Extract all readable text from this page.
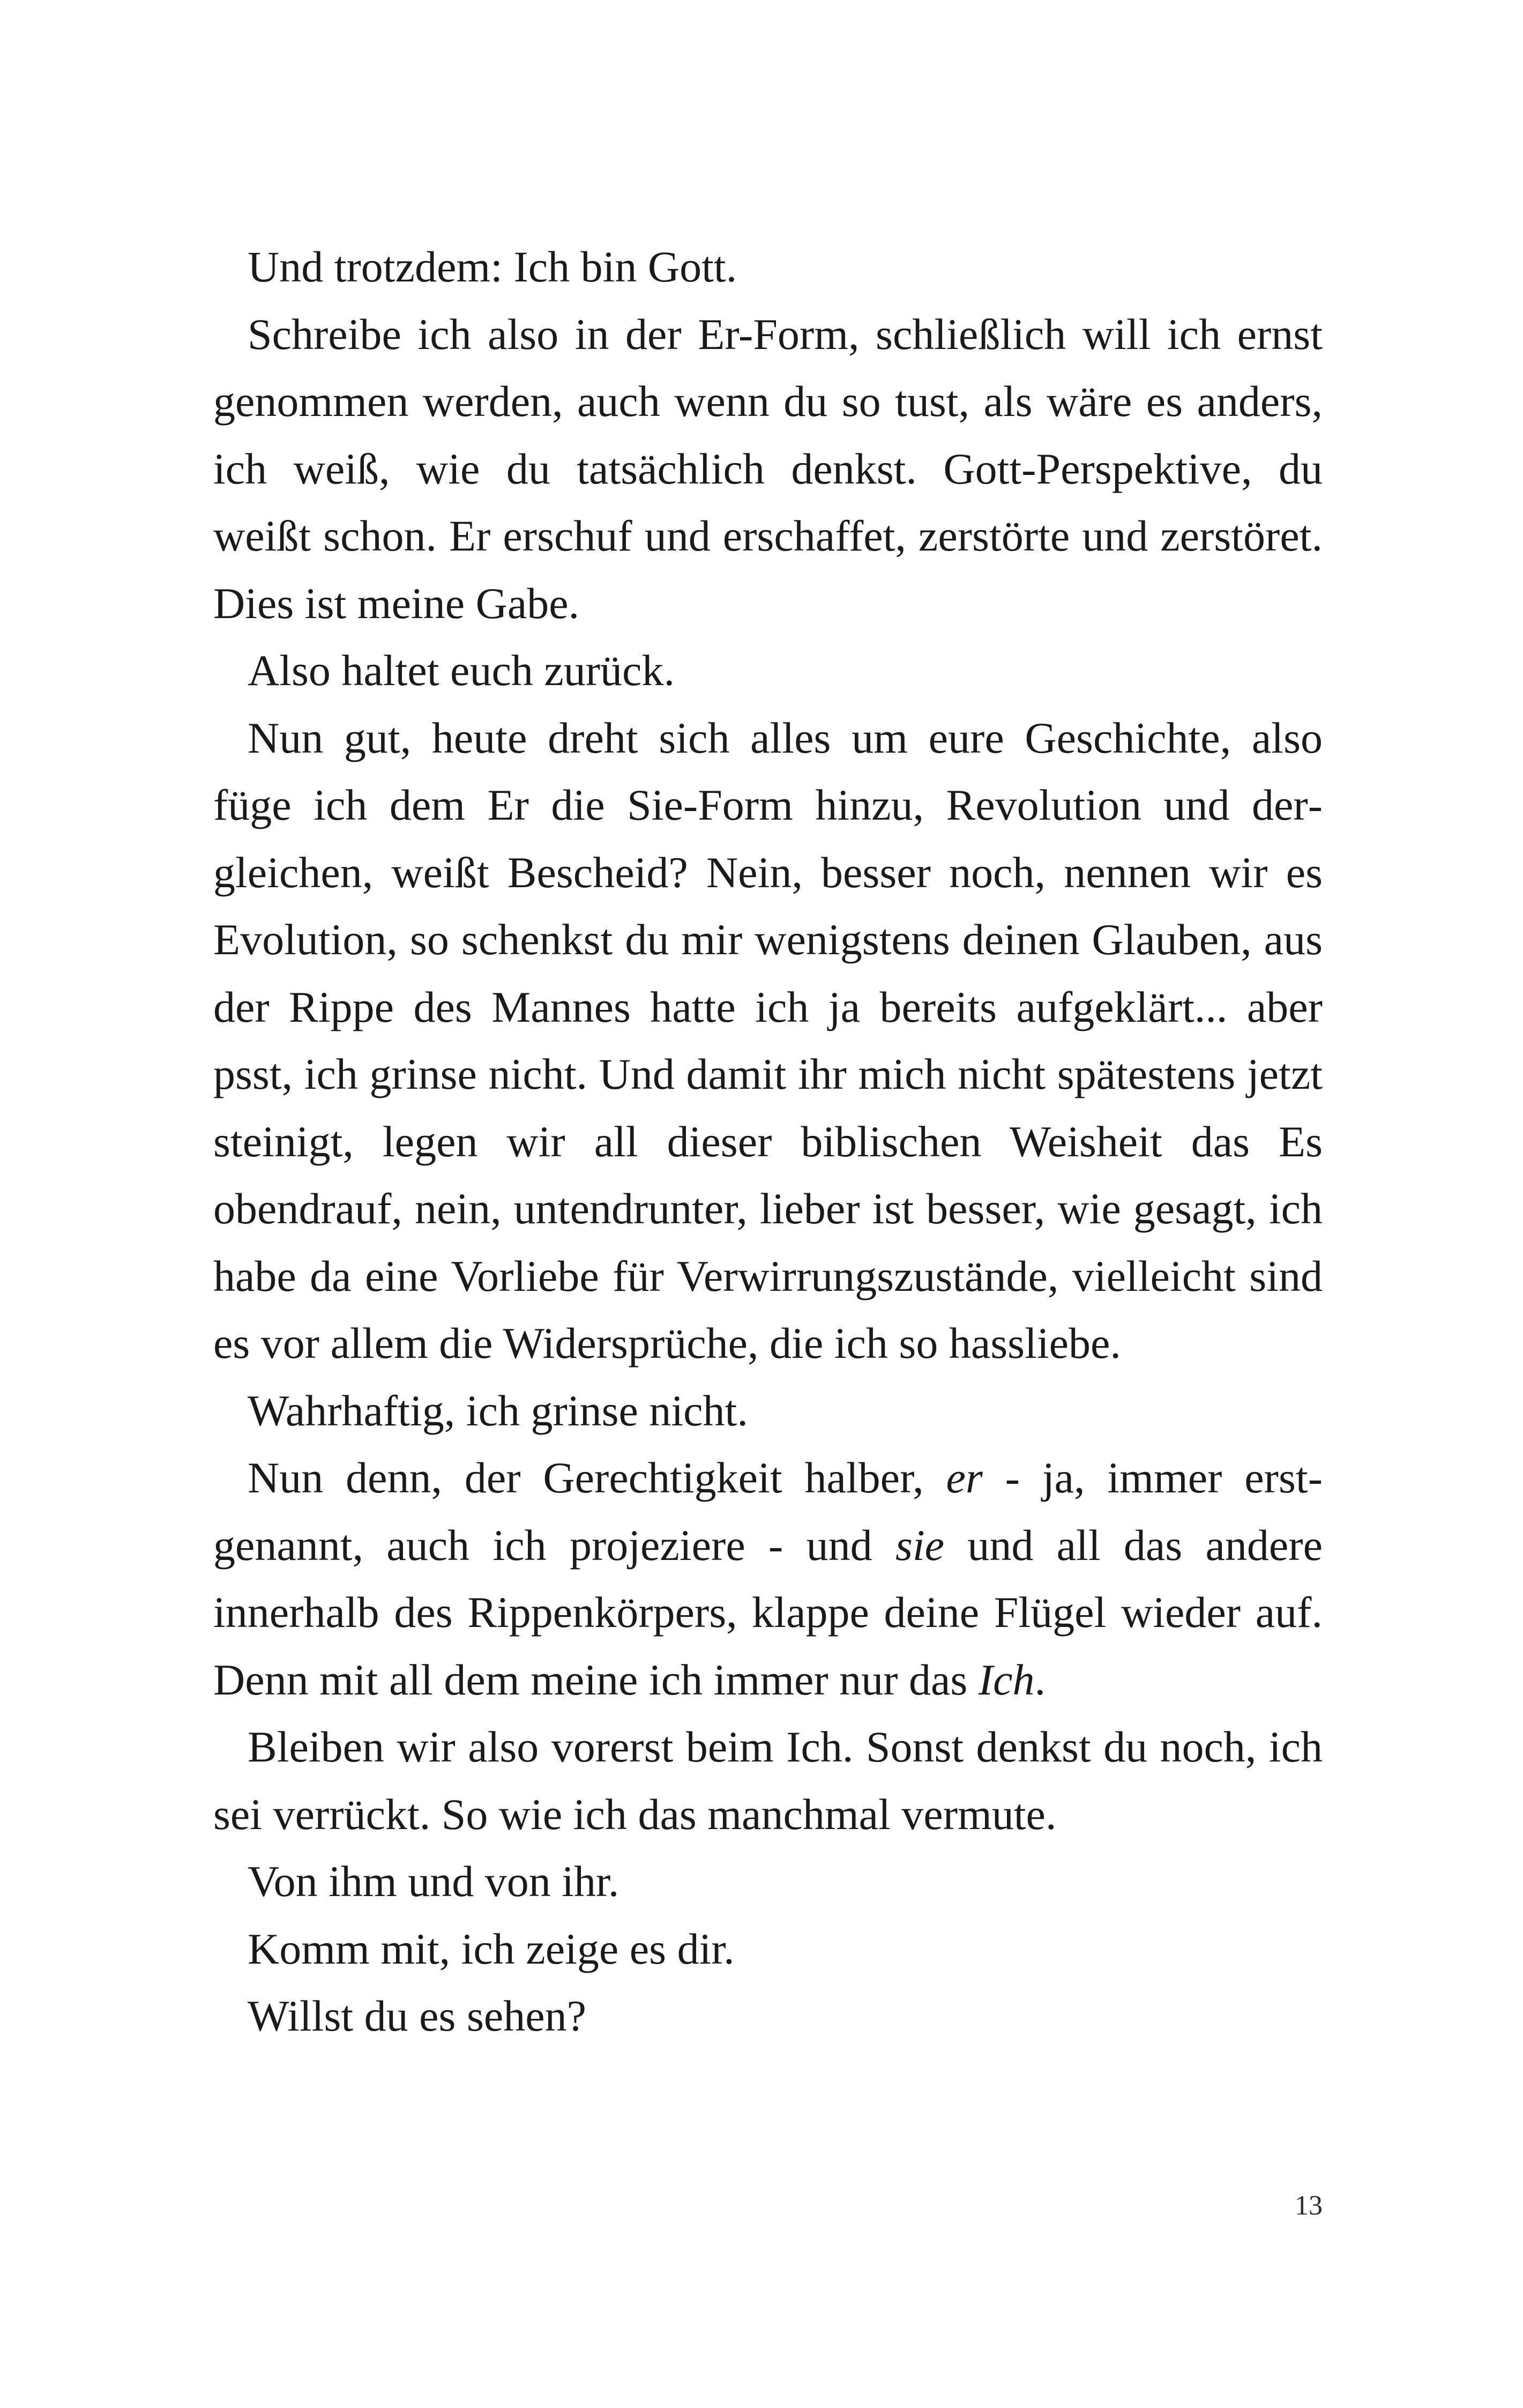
Und trotzdem: Ich bin Gott.

Schreibe ich also in der Er-Form, schließlich will ich ernst genommen werden, auch wenn du so tust, als wäre es anders, ich weiß, wie du tatsächlich denkst. Gott-Perspektive, du weißt schon. Er erschuf und erschaffet, zerstörte und zerstöret. Dies ist meine Gabe.

Also haltet euch zurück.

Nun gut, heute dreht sich alles um eure Geschichte, also füge ich dem Er die Sie-Form hinzu, Revolution und dergleichen, weißt Bescheid? Nein, besser noch, nennen wir es Evolution, so schenkst du mir wenigstens deinen Glauben, aus der Rippe des Mannes hatte ich ja bereits aufgeklärt... aber psst, ich grinse nicht. Und damit ihr mich nicht spätestens jetzt steinigt, legen wir all dieser biblischen Weisheit das Es obendrauf, nein, untendrunter, lieber ist besser, wie gesagt, ich habe da eine Vorliebe für Verwirrungszustände, vielleicht sind es vor allem die Widersprüche, die ich so hassliebe.

Wahrhaftig, ich grinse nicht.

Nun denn, der Gerechtigkeit halber, er - ja, immer erstgenannt, auch ich projeziere - und sie und all das andere innerhalb des Rippenkörpers, klappe deine Flügel wieder auf. Denn mit all dem meine ich immer nur das Ich.

Bleiben wir also vorerst beim Ich. Sonst denkst du noch, ich sei verrückt. So wie ich das manchmal vermute.

Von ihm und von ihr.

Komm mit, ich zeige es dir.

Willst du es sehen?

13
